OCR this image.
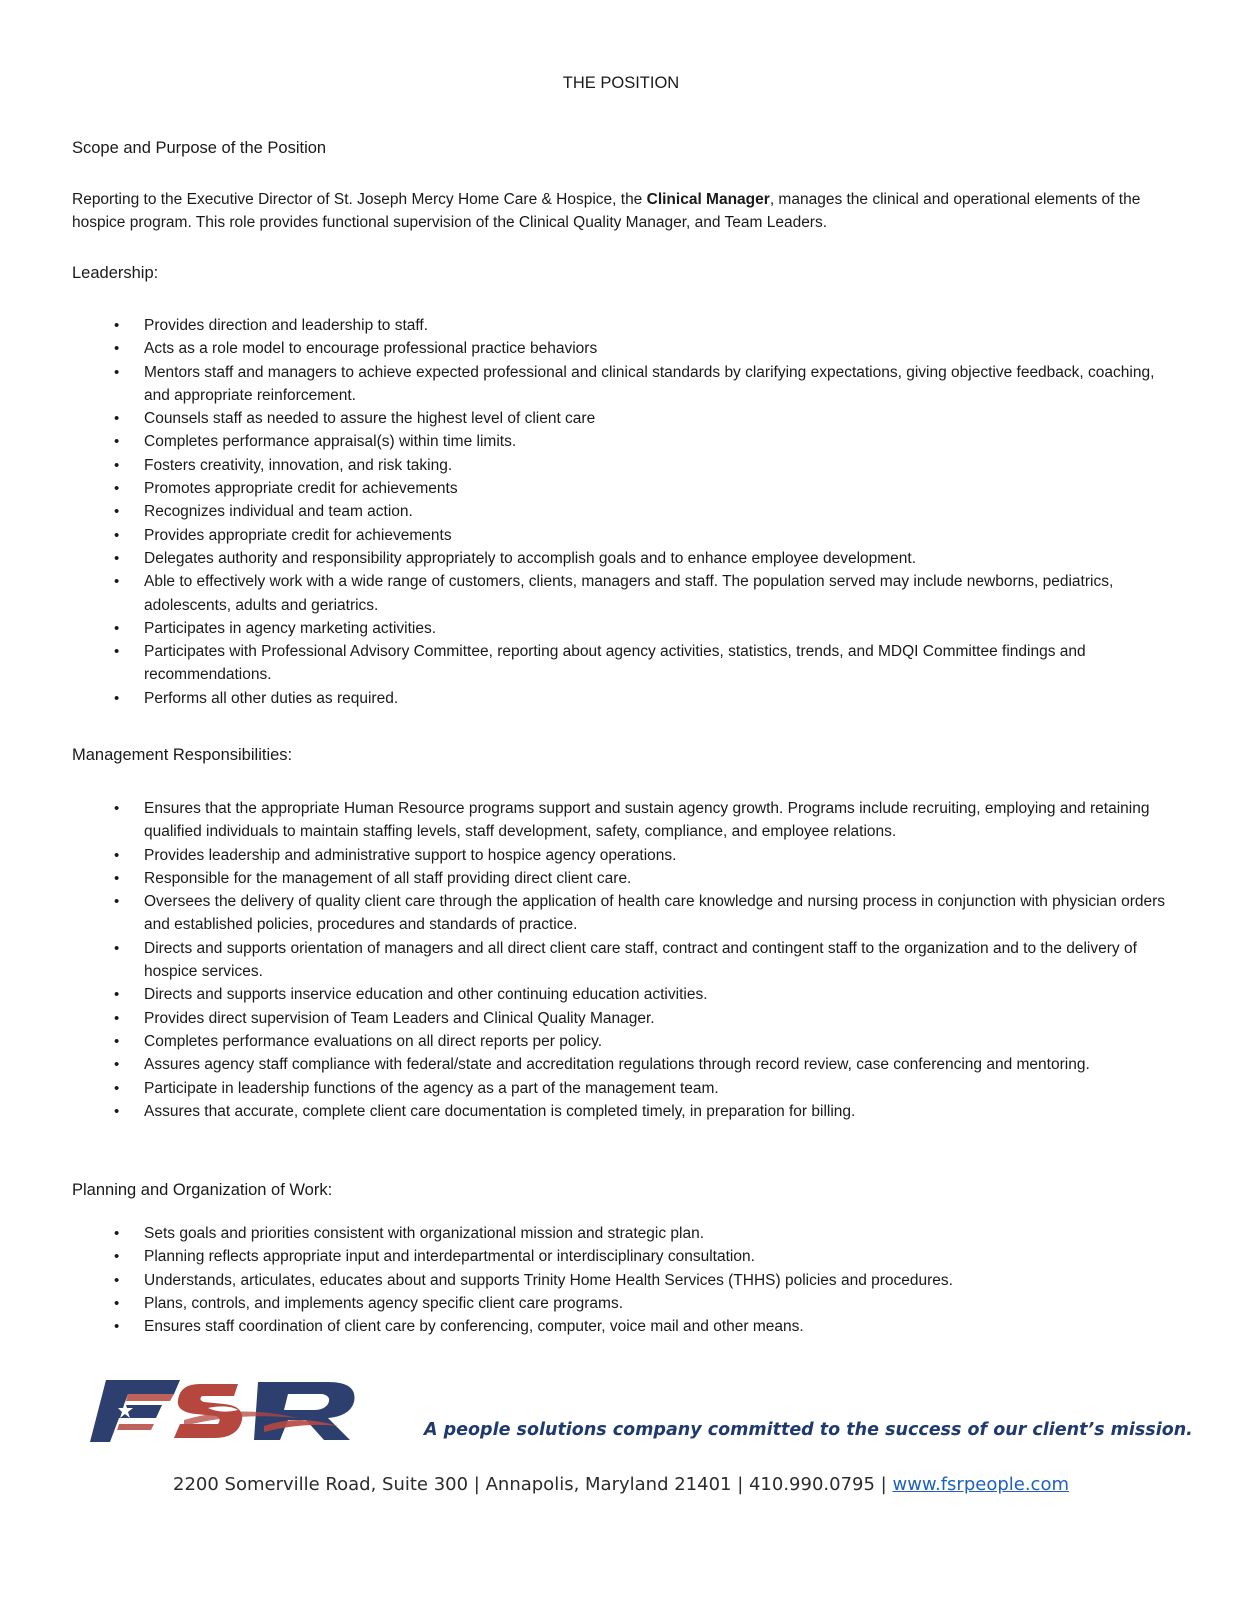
THE POSITION
Scope and Purpose of the Position
Reporting to the Executive Director of St. Joseph Mercy Home Care & Hospice, the Clinical Manager, manages the clinical and operational elements of the hospice program. This role provides functional supervision of the Clinical Quality Manager, and Team Leaders.
Leadership:
• Provides direction and leadership to staff.
• Acts as a role model to encourage professional practice behaviors
• Mentors staff and managers to achieve expected professional and clinical standards by clarifying expectations, giving objective feedback, coaching, and appropriate reinforcement.
• Counsels staff as needed to assure the highest level of client care
• Completes performance appraisal(s) within time limits.
• Fosters creativity, innovation, and risk taking.
• Promotes appropriate credit for achievements
• Recognizes individual and team action.
• Provides appropriate credit for achievements
• Delegates authority and responsibility appropriately to accomplish goals and to enhance employee development.
• Able to effectively work with a wide range of customers, clients, managers and staff. The population served may include newborns, pediatrics, adolescents, adults and geriatrics.
• Participates in agency marketing activities.
• Participates with Professional Advisory Committee, reporting about agency activities, statistics, trends, and MDQI Committee findings and recommendations.
• Performs all other duties as required.
Management Responsibilities:
• Ensures that the appropriate Human Resource programs support and sustain agency growth. Programs include recruiting, employing and retaining qualified individuals to maintain staffing levels, staff development, safety, compliance, and employee relations.
• Provides leadership and administrative support to hospice agency operations.
• Responsible for the management of all staff providing direct client care.
• Oversees the delivery of quality client care through the application of health care knowledge and nursing process in conjunction with physician orders and established policies, procedures and standards of practice.
• Directs and supports orientation of managers and all direct client care staff, contract and contingent staff to the organization and to the delivery of hospice services.
• Directs and supports inservice education and other continuing education activities.
• Provides direct supervision of Team Leaders and Clinical Quality Manager.
• Completes performance evaluations on all direct reports per policy.
• Assures agency staff compliance with federal/state and accreditation regulations through record review, case conferencing and mentoring.
• Participate in leadership functions of the agency as a part of the management team.
• Assures that accurate, complete client care documentation is completed timely, in preparation for billing.
Planning and Organization of Work:
• Sets goals and priorities consistent with organizational mission and strategic plan.
• Planning reflects appropriate input and interdepartmental or interdisciplinary consultation.
• Understands, articulates, educates about and supports Trinity Home Health Services (THHS) policies and procedures.
• Plans, controls, and implements agency specific client care programs.
• Ensures staff coordination of client care by conferencing, computer, voice mail and other means.
A people solutions company committed to the success of our client’s mission.
2200 Somerville Road, Suite 300 | Annapolis, Maryland 21401 | 410.990.0795 | www.fsrpeople.com
